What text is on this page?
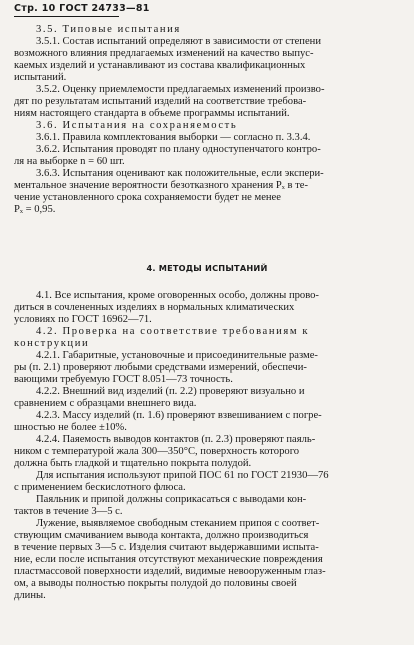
Стр. 10 ГОСТ 24733—81
3.5. Типовые испытания
3.5.1. Состав испытаний определяют в зависимости от степени
возможного влияния предлагаемых изменений на качество выпус-
каемых изделий и устанавливают из состава квалификационных
испытаний.
3.5.2. Оценку приемлемости предлагаемых изменений произво-
дят по результатам испытаний изделий на соответствие требова-
ниям настоящего стандарта в объеме программы испытаний.
3.6. Испытания на сохраняемость
3.6.1. Правила комплектования выборки — согласно п. 3.3.4.
3.6.2. Испытания проводят по плану одноступенчатого контро-
ля на выборке n = 60 шт.
3.6.3. Испытания оценивают как положительные, если экспери-
ментальное значение вероятности безотказного хранения Pₓ в те-
чение установленного срока сохраняемости будет не менее
Pₓ = 0,95.
4. МЕТОДЫ ИСПЫТАНИЙ
4.1. Все испытания, кроме оговоренных особо, должны прово-
диться в сочлененных изделиях в нормальных климатических
условиях по ГОСТ 16962—71.
4.2. Проверка на соответствие требованиям к
конструкции
4.2.1. Габаритные, установочные и присоединительные разме-
ры (п. 2.1) проверяют любыми средствами измерений, обеспечи-
вающими требуемую ГОСТ 8.051—73 точность.
4.2.2. Внешний вид изделий (п. 2.2) проверяют визуально и
сравнением с образцами внешнего вида.
4.2.3. Массу изделий (п. 1.6) проверяют взвешиванием с погре-
шностью не более ±10%.
4.2.4. Паяемость выводов контактов (п. 2.3) проверяют паяль-
ником с температурой жала 300—350°С, поверхность которого
должна быть гладкой и тщательно покрыта полудой.
Для испытания используют припой ПОС 61 по ГОСТ 21930—76
с применением бескислотного флюса.
Паяльник и припой должны соприкасаться с выводами кон-
тактов в течение 3—5 с.
Лужение, выявляемое свободным стеканием припоя с соответ-
ствующим смачиванием вывода контакта, должно производиться
в течение первых 3—5 с. Изделия считают выдержавшими испыта-
ние, если после испытания отсутствуют механические повреждения
пластмассовой поверхности изделий, видимые невооруженным глаз-
ом, а выводы полностью покрыты полудой до половины своей
длины.
